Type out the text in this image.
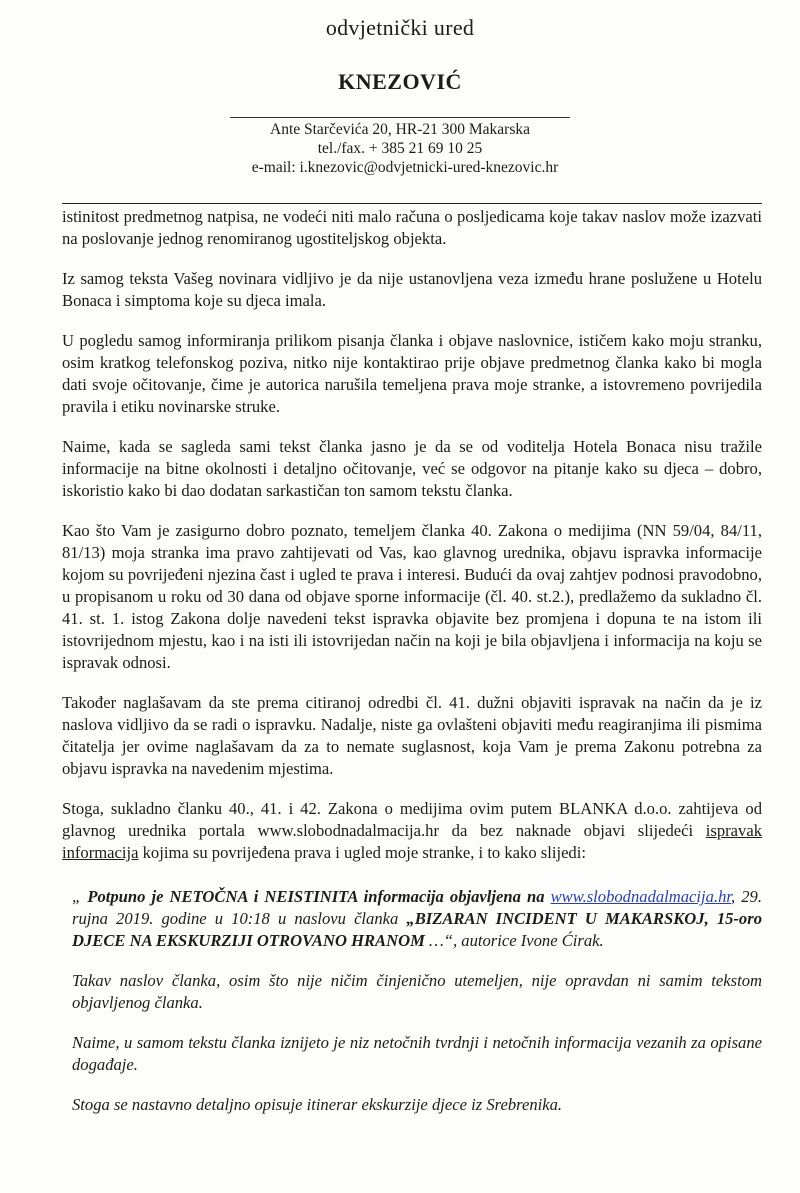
odvjetnički ured

KNEZOVIĆ

Ante Starčevića 20, HR-21 300 Makarska
tel./fax. + 385 21 69 10 25
e-mail: i.knezovic@odvjetnicki-ured-knezovic.hr

istinitost predmetnog natpisa, ne vodeći niti malo računa o posljedicama koje takav naslov može izazvati na poslovanje jednog renomiranog ugostiteljskog objekta.

Iz samog teksta Vašeg novinara vidljivo je da nije ustanovljena veza između hrane poslužene u Hotelu Bonaca i simptoma koje su djeca imala.

U pogledu samog informiranja prilikom pisanja članka i objave naslovnice, ističem kako moju stranku, osim kratkog telefonskog poziva, nitko nije kontaktirao prije objave predmetnog članka kako bi mogla dati svoje očitovanje, čime je autorica narušila temeljena prava moje stranke, a istovremeno povrijedila pravila i etiku novinarske struke.

Naime, kada se sagleda sami tekst članka jasno je da se od voditelja Hotela Bonaca nisu tražile informacije na bitne okolnosti i detaljno očitovanje, već se odgovor na pitanje kako su djeca – dobro, iskoristio kako bi dao dodatan sarkastičan ton samom tekstu članka.

Kao što Vam je zasigurno dobro poznato, temeljem članka 40. Zakona o medijima (NN 59/04, 84/11, 81/13) moja stranka ima pravo zahtijevati od Vas, kao glavnog urednika, objavu ispravka informacije kojom su povrijeđeni njezina čast i ugled te prava i interesi. Budući da ovaj zahtjev podnosi pravodobno, u propisanom u roku od 30 dana od objave sporne informacije (čl. 40. st.2.), predlažemo da sukladno čl. 41. st. 1. istog Zakona dolje navedeni tekst ispravka objavite bez promjena i dopuna te na istom ili istovrijednom mjestu, kao i na isti ili istovrijedan način na koji je bila objavljena i informacija na koju se ispravak odnosi.

Također naglašavam da ste prema citiranoj odredbi čl. 41. dužni objaviti ispravak na način da je iz naslova vidljivo da se radi o ispravku. Nadalje, niste ga ovlašteni objaviti među reagiranjima ili pismima čitatelja jer ovime naglašavam da za to nemate suglasnost, koja Vam je prema Zakonu potrebna za objavu ispravka na navedenim mjestima.

Stoga, sukladno članku 40., 41. i 42. Zakona o medijima ovim putem BLANKA d.o.o. zahtijeva od glavnog urednika portala www.slobodnadalmacija.hr da bez naknade objavi slijedeći ispravak informacija kojima su povrijeđena prava i ugled moje stranke, i to kako slijedi:

„ Potpuno je NETOČNA i NEISTINITA informacija objavljena na www.slobodnadalmacija.hr, 29. rujna 2019. godine u 10:18 u naslovu članka „BIZARAN INCIDENT U MAKARSKOJ, 15-oro DJECE NA EKSKURZIJI OTROVANO HRANOM …“, autorice Ivone Ćirak.

Takav naslov članka, osim što nije ničim činjenično utemeljen, nije opravdan ni samim tekstom objavljenog članka.

Naime, u samom tekstu članka iznijeto je niz netočnih tvrdnji i netočnih informacija vezanih za opisane događaje.

Stoga se nastavno detaljno opisuje itinerar ekskurzije djece iz Srebrenika.
